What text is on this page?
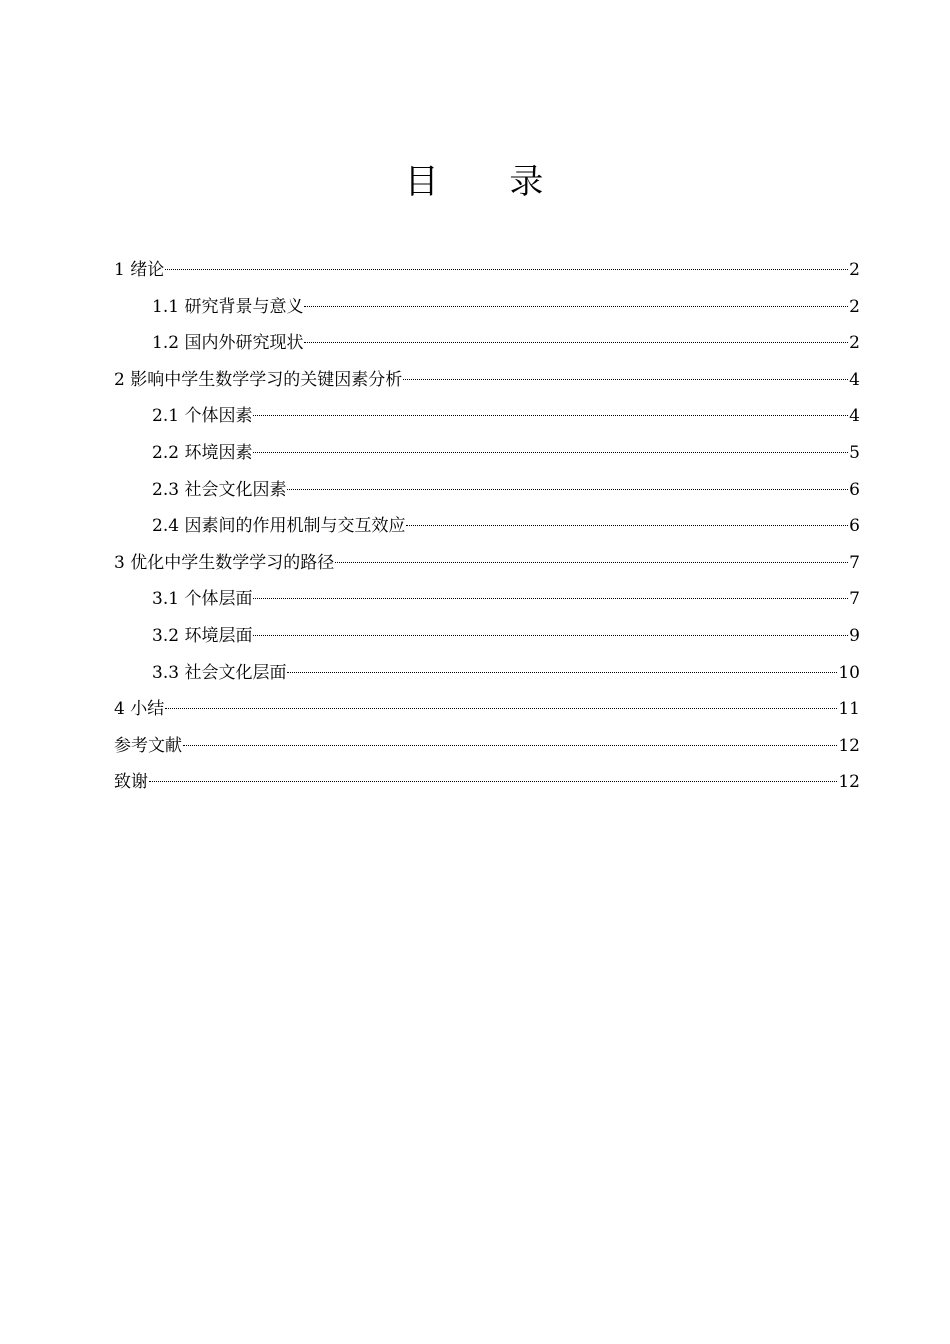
目 录
1 绪论	2
1.1 研究背景与意义	2
1.2 国内外研究现状	2
2 影响中学生数学学习的关键因素分析	4
2.1 个体因素	4
2.2 环境因素	5
2.3 社会文化因素	6
2.4 因素间的作用机制与交互效应	6
3 优化中学生数学学习的路径	7
3.1 个体层面	7
3.2 环境层面	9
3.3 社会文化层面	10
4 小结	11
参考文献	12
致谢	12
